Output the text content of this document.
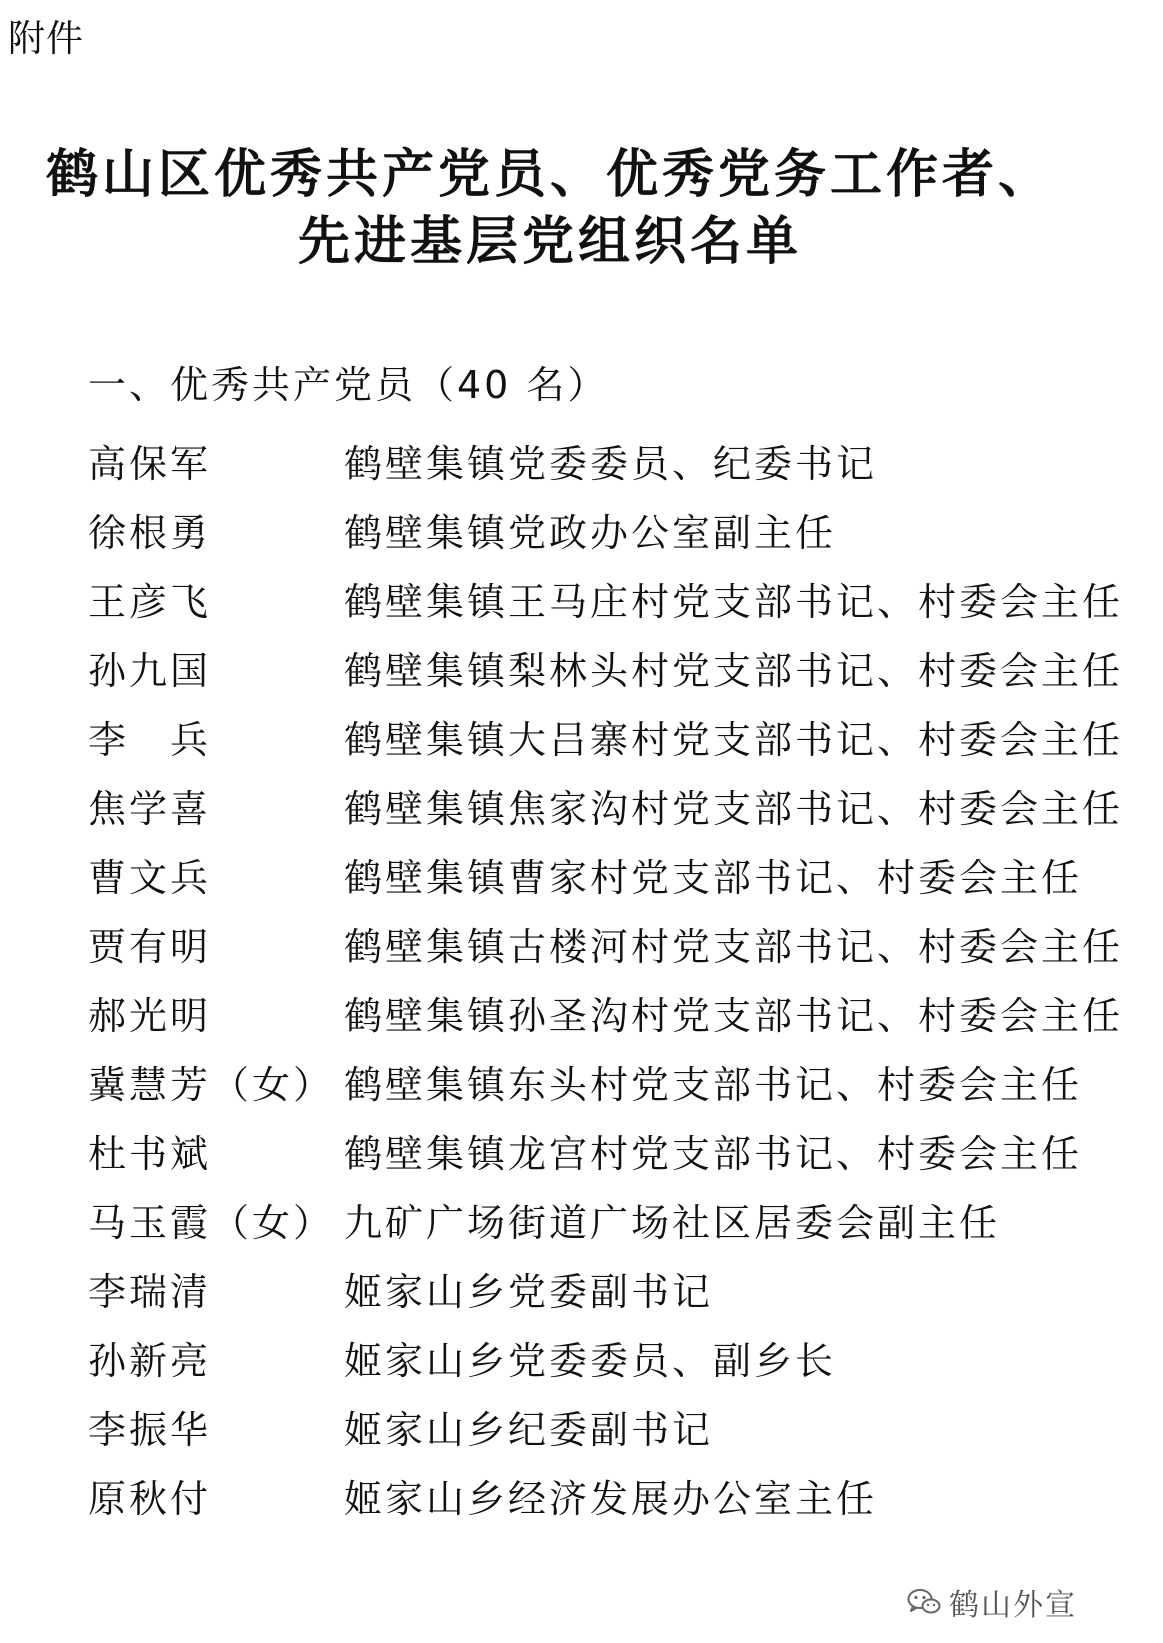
附件
鹤山区优秀共产党员、优秀党务工作者、
先进基层党组织名单
一、优秀共产党员（40 名）
高保军	鹤壁集镇党委委员、纪委书记
徐根勇	鹤壁集镇党政办公室副主任
王彦飞	鹤壁集镇王马庄村党支部书记、村委会主任
孙九国	鹤壁集镇梨林头村党支部书记、村委会主任
李　兵	鹤壁集镇大吕寨村党支部书记、村委会主任
焦学喜	鹤壁集镇焦家沟村党支部书记、村委会主任
曹文兵	鹤壁集镇曹家村党支部书记、村委会主任
贾有明	鹤壁集镇古楼河村党支部书记、村委会主任
郝光明	鹤壁集镇孙圣沟村党支部书记、村委会主任
冀慧芳（女） 鹤壁集镇东头村党支部书记、村委会主任
杜书斌	鹤壁集镇龙宫村党支部书记、村委会主任
马玉霞（女） 九矿广场街道广场社区居委会副主任
李瑞清	姬家山乡党委副书记
孙新亮	姬家山乡党委委员、副乡长
李振华	姬家山乡纪委副书记
原秋付	姬家山乡经济发展办公室主任
鹤山外宣
